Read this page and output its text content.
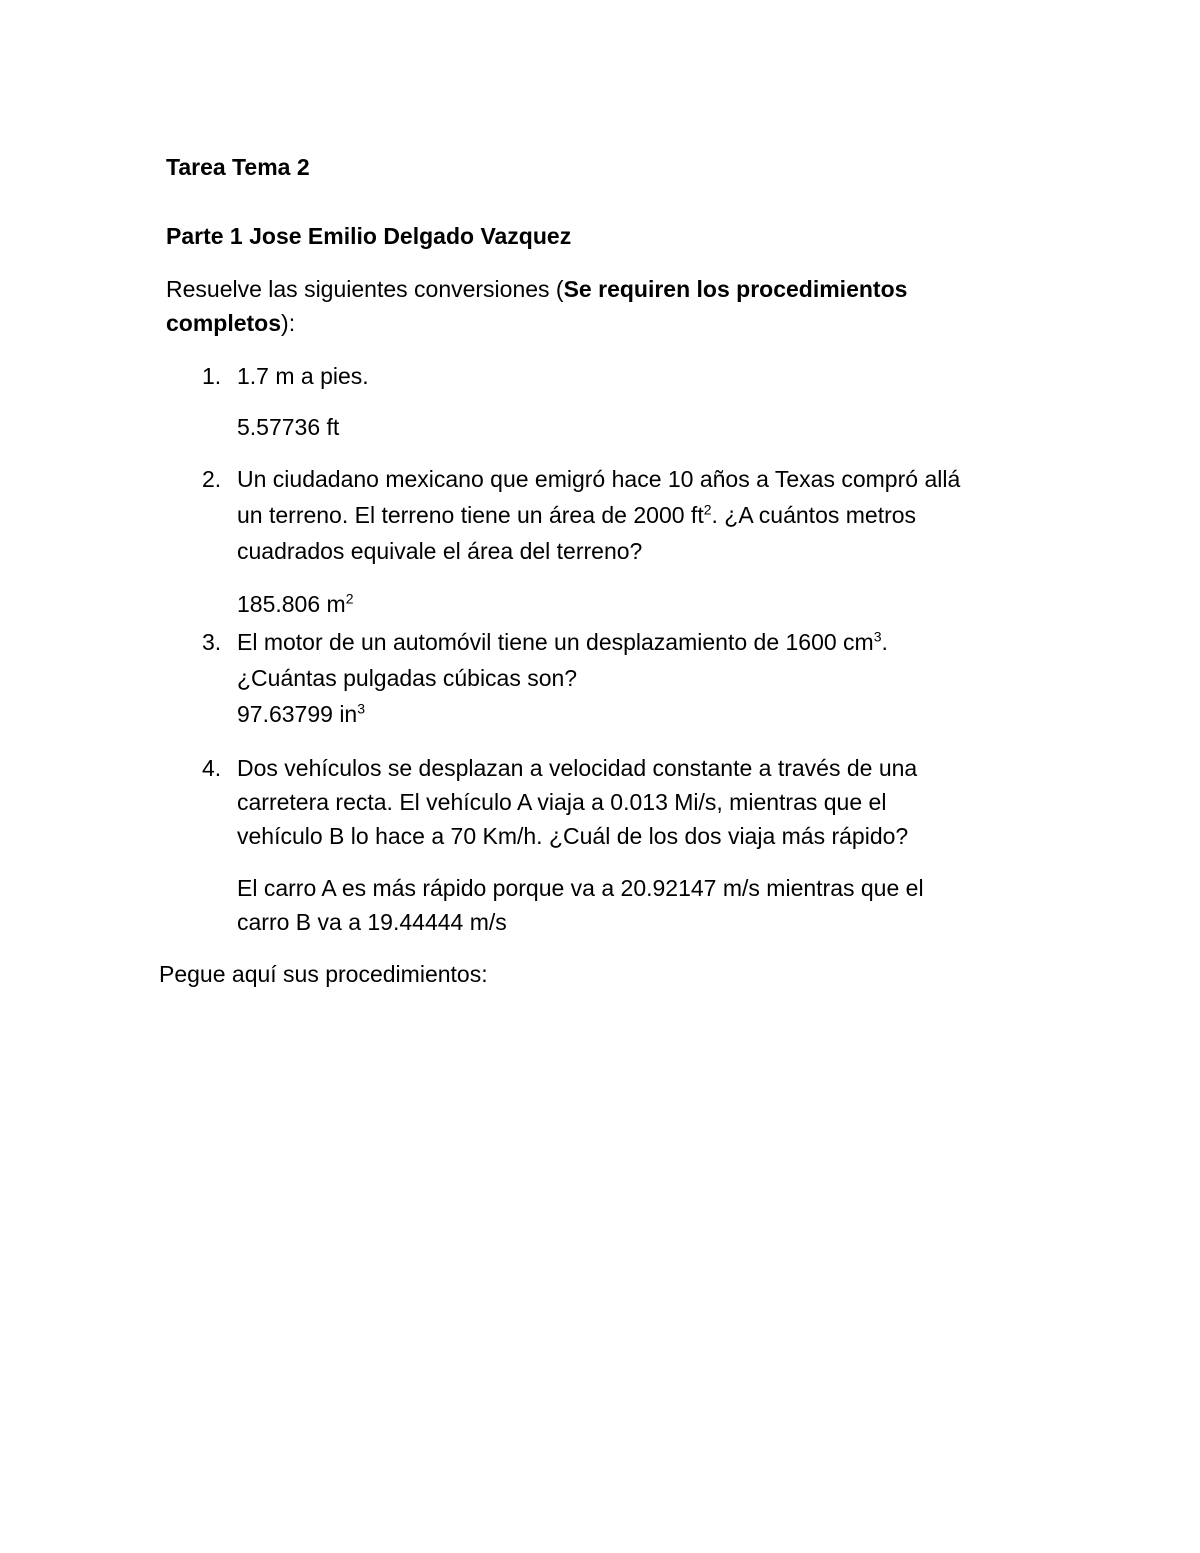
Tarea Tema 2
Parte 1 Jose Emilio Delgado Vazquez
Resuelve las siguientes conversiones (Se requiren los procedimientos
completos):
1. 1.7 m a pies.
5.57736 ft
2. Un ciudadano mexicano que emigró hace 10 años a Texas compró allá
un terreno. El terreno tiene un área de 2000 $ft^2$. ¿A cuántos metros
cuadrados equivale el área del terreno?
185.806 $m^2$
3. El motor de un automóvil tiene un desplazamiento de 1600 $cm^3$.
¿Cuántas pulgadas cúbicas son?
97.63799 $in^3$
4. Dos vehículos se desplazan a velocidad constante a través de una
carretera recta. El vehículo A viaja a 0.013 Mi/s, mientras que el
vehículo B lo hace a 70 Km/h. ¿Cuál de los dos viaja más rápido?
El carro A es más rápido porque va a 20.92147 m/s mientras que el
carro B va a 19.44444 m/s
Pegue aquí sus procedimientos:
